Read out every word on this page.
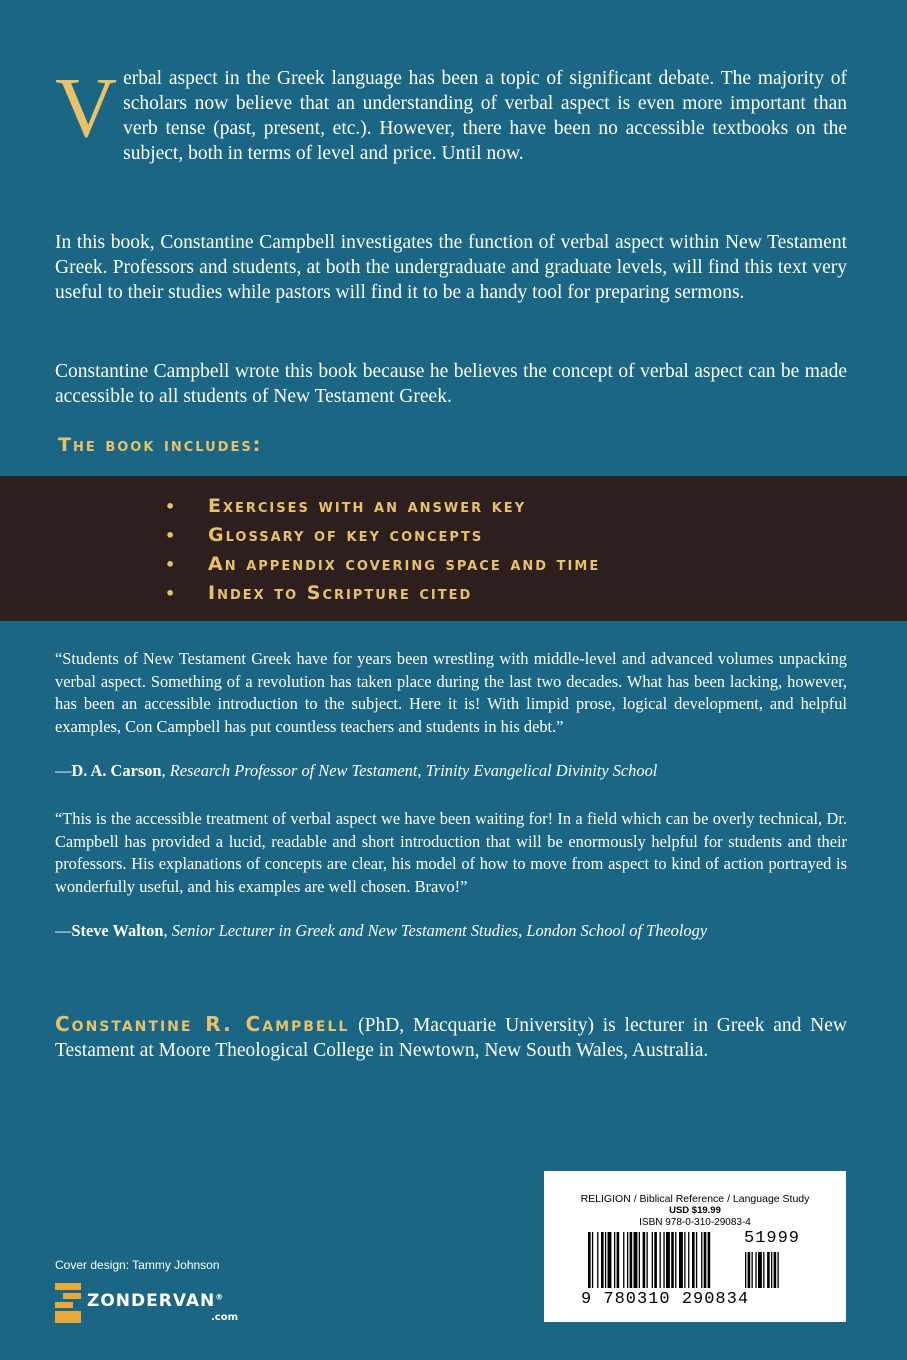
Verbal aspect in the Greek language has been a topic of significant debate. The majority of scholars now believe that an understanding of verbal aspect is even more important than verb tense (past, present, etc.). However, there have been no accessible textbooks on the subject, both in terms of level and price. Until now.

In this book, Constantine Campbell investigates the function of verbal aspect within New Testament Greek. Professors and students, at both the undergraduate and graduate levels, will find this text very useful to their studies while pastors will find it to be a handy tool for preparing sermons.

Constantine Campbell wrote this book because he believes the concept of verbal aspect can be made accessible to all students of New Testament Greek.

The book includes:

• Exercises with an answer key
• Glossary of key concepts
• An appendix covering space and time
• Index to Scripture cited

“Students of New Testament Greek have for years been wrestling with middle-level and advanced volumes unpacking verbal aspect. Something of a revolution has taken place during the last two decades. What has been lacking, however, has been an accessible introduction to the subject. Here it is! With limpid prose, logical development, and helpful examples, Con Campbell has put countless teachers and students in his debt.”

—D. A. Carson, Research Professor of New Testament, Trinity Evangelical Divinity School

“This is the accessible treatment of verbal aspect we have been waiting for! In a field which can be overly technical, Dr. Campbell has provided a lucid, readable and short introduction that will be enormously helpful for students and their professors. His explanations of concepts are clear, his model of how to move from aspect to kind of action portrayed is wonderfully useful, and his examples are well chosen. Bravo!”

—Steve Walton, Senior Lecturer in Greek and New Testament Studies, London School of Theology

Constantine R. Campbell (PhD, Macquarie University) is lecturer in Greek and New Testament at Moore Theological College in Newtown, New South Wales, Australia.

Cover design: Tammy Johnson
ZONDERVAN®
.com
RELIGION / Biblical Reference / Language Study
USD $19.99
ISBN 978-0-310-29083-4
9 780310 290834
51999
